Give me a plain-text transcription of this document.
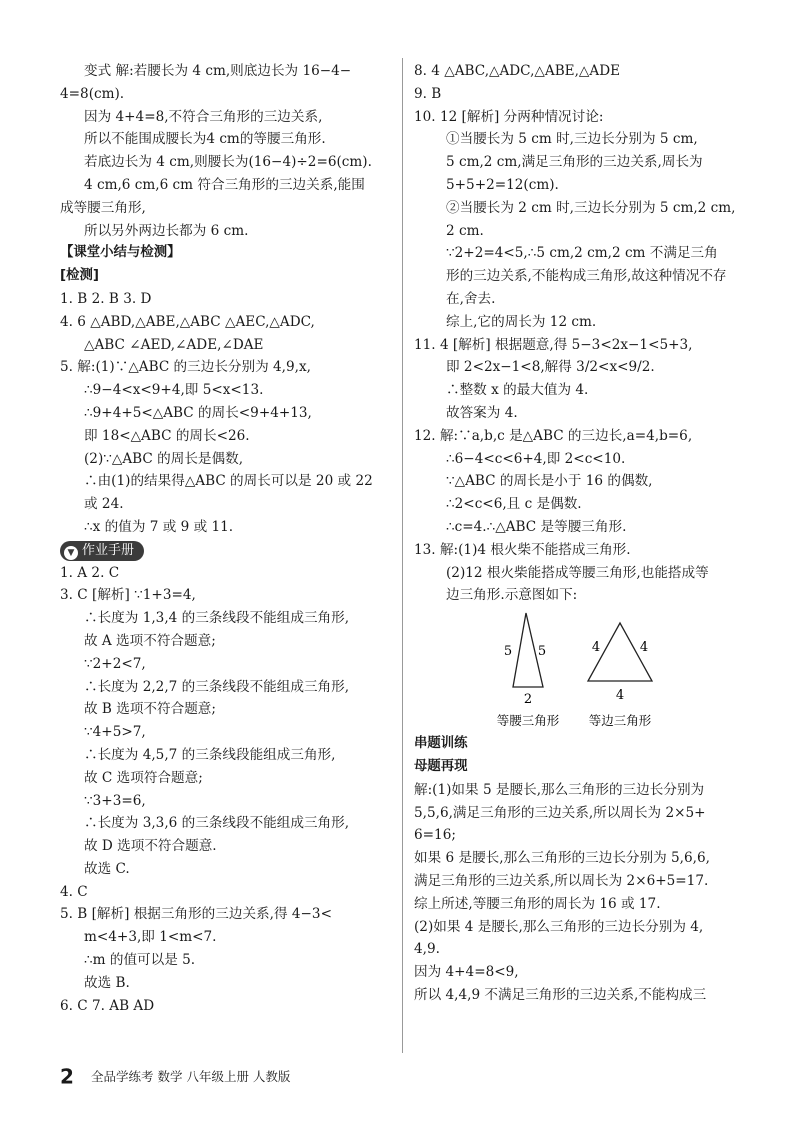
变式 解:若腰长为 4 cm,则底边长为 16−4−
4=8(cm).
因为 4+4=8,不符合三角形的三边关系,
所以不能围成腰长为4 cm的等腰三角形.
若底边长为 4 cm,则腰长为(16−4)÷2=6(cm).
4 cm,6 cm,6 cm 符合三角形的三边关系,能围
成等腰三角形,
所以另外两边长都为 6 cm.
【课堂小结与检测】
[检测]
1. B 2. B 3. D
4. 6 △ABD,△ABE,△ABC △AEC,△ADC,
△ABC ∠AED,∠ADE,∠DAE
5. 解:(1)∵△ABC 的三边长分别为 4,9,x,
∴9−4<x<9+4,即 5<x<13.
∴9+4+5<△ABC 的周长<9+4+13,
即 18<△ABC 的周长<26.
(2)∵△ABC 的周长是偶数,
∴由(1)的结果得△ABC 的周长可以是 20 或 22
或 24.
∴x 的值为 7 或 9 或 11.
▼ 作业手册
1. A 2. C
3. C [解析] ∵1+3=4,
∴长度为 1,3,4 的三条线段不能组成三角形,
故 A 选项不符合题意;
∵2+2<7,
∴长度为 2,2,7 的三条线段不能组成三角形,
故 B 选项不符合题意;
∵4+5>7,
∴长度为 4,5,7 的三条线段能组成三角形,
故 C 选项符合题意;
∵3+3=6,
∴长度为 3,3,6 的三条线段不能组成三角形,
故 D 选项不符合题意.
故选 C.
4. C
5. B [解析] 根据三角形的三边关系,得 4−3<
m<4+3,即 1<m<7.
∴m 的值可以是 5.
故选 B.
6. C 7. AB AD
8. 4 △ABC,△ADC,△ABE,△ADE
9. B
10. 12 [解析] 分两种情况讨论:
①当腰长为 5 cm 时,三边长分别为 5 cm,
5 cm,2 cm,满足三角形的三边关系,周长为
5+5+2=12(cm).
②当腰长为 2 cm 时,三边长分别为 5 cm,2 cm,
2 cm.
∵2+2=4<5,∴5 cm,2 cm,2 cm 不满足三角
形的三边关系,不能构成三角形,故这种情况不存
在,舍去.
综上,它的周长为 12 cm.
11. 4 [解析] 根据题意,得 5−3<2x−1<5+3,
即 2<2x−1<8,解得 3/2<x<9/2.
∴整数 x 的最大值为 4.
故答案为 4.
12. 解:∵a,b,c 是△ABC 的三边长,a=4,b=6,
∴6−4<c<6+4,即 2<c<10.
∵△ABC 的周长是小于 16 的偶数,
∴2<c<6,且 c 是偶数.
∴c=4.∴△ABC 是等腰三角形.
13. 解:(1)4 根火柴不能搭成三角形.
(2)12 根火柴能搭成等腰三角形,也能搭成等
边三角形.示意图如下:
5 5
2
等腰三角形
4	4
4
等边三角形
串题训练
母题再现
解:(1)如果 5 是腰长,那么三角形的三边长分别为
5,5,6,满足三角形的三边关系,所以周长为 2×5+
6=16;
如果 6 是腰长,那么三角形的三边长分别为 5,6,6,
满足三角形的三边关系,所以周长为 2×6+5=17.
综上所述,等腰三角形的周长为 16 或 17.
(2)如果 4 是腰长,那么三角形的三边长分别为 4,
4,9.
因为 4+4=8<9,
所以 4,4,9 不满足三角形的三边关系,不能构成三
2 全品学练考 数学 八年级上册 人教版
